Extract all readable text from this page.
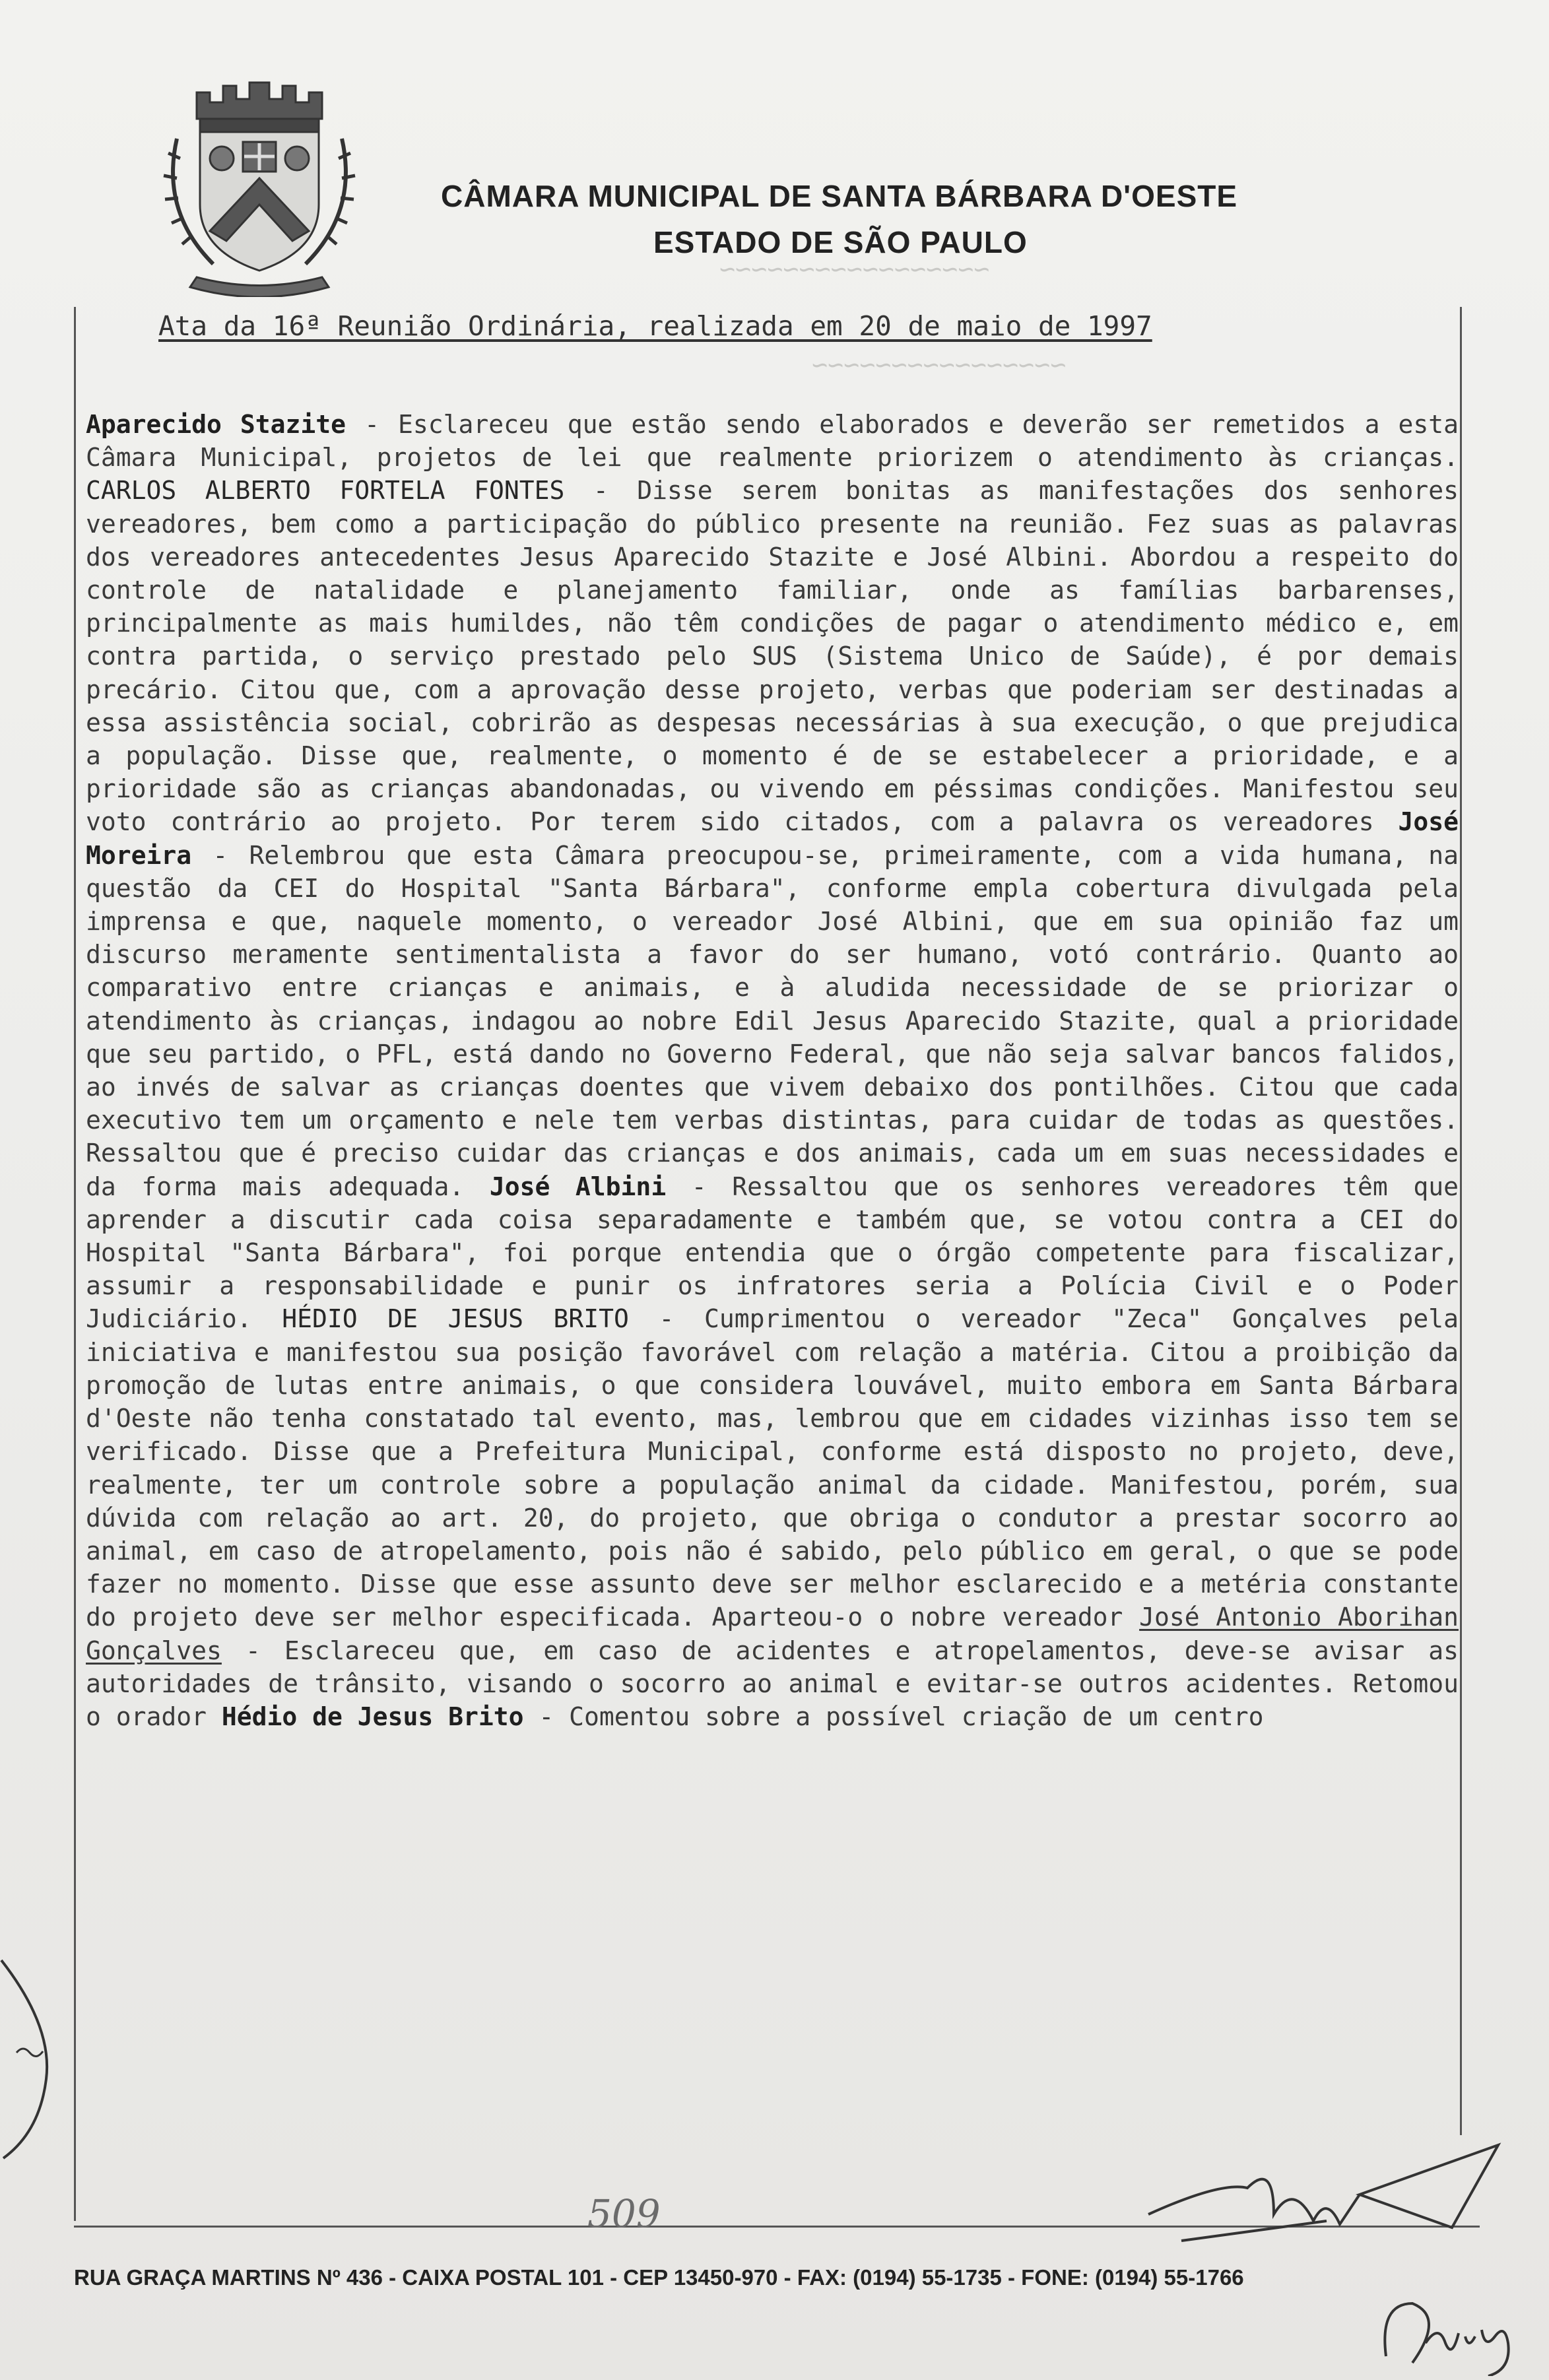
CÂMARA MUNICIPAL DE SANTA BÁRBARA D'OESTE
ESTADO DE SÃO PAULO
~~~~~~~~~~~~~~~~~
~~~~~~~~~~~~~~~~
Ata da 16ª Reunião Ordinária, realizada em 20 de maio de 1997
Aparecido Stazite - Esclareceu que estão sendo elaborados e deverão ser remetidos a esta Câmara Municipal, projetos de lei que realmente priorizem o atendimento às crianças. CARLOS ALBERTO FORTELA FONTES - Disse serem bonitas as manifestações dos senhores vereadores, bem como a participação do público presente na reunião. Fez suas as palavras dos vereadores antecedentes Jesus Aparecido Stazite e José Albini. Abordou a respeito do controle de natalidade e planejamento familiar, onde as famílias barbarenses, principalmente as mais humildes, não têm condições de pagar o atendimento médico e, em contra partida, o serviço prestado pelo SUS (Sistema Unico de Saúde), é por demais precário. Citou que, com a aprovação desse projeto, verbas que poderiam ser destinadas a essa assistência social, cobrirão as despesas necessárias à sua execução, o que prejudica a população. Disse que, realmente, o momento é de se estabelecer a prioridade, e a prioridade são as crianças abandonadas, ou vivendo em péssimas condições. Manifestou seu voto contrário ao projeto. Por terem sido citados, com a palavra os vereadores José Moreira - Relembrou que esta Câmara preocupou-se, primeiramente, com a vida humana, na questão da CEI do Hospital "Santa Bárbara", conforme empla cobertura divulgada pela imprensa e que, naquele momento, o vereador José Albini, que em sua opinião faz um discurso meramente sentimentalista a favor do ser humano, votó contrário. Quanto ao comparativo entre crianças e animais, e à aludida necessidade de se priorizar o atendimento às crianças, indagou ao nobre Edil Jesus Aparecido Stazite, qual a prioridade que seu partido, o PFL, está dando no Governo Federal, que não seja salvar bancos falidos, ao invés de salvar as crianças doentes que vivem debaixo dos pontilhões. Citou que cada executivo tem um orçamento e nele tem verbas distintas, para cuidar de todas as questões. Ressaltou que é preciso cuidar das crianças e dos animais, cada um em suas necessidades e da forma mais adequada. José Albini - Ressaltou que os senhores vereadores têm que aprender a discutir cada coisa separadamente e também que, se votou contra a CEI do Hospital "Santa Bárbara", foi porque entendia que o órgão competente para fiscalizar, assumir a responsabilidade e punir os infratores seria a Polícia Civil e o Poder Judiciário. HÉDIO DE JESUS BRITO - Cumprimentou o vereador "Zeca" Gonçalves pela iniciativa e manifestou sua posição favorável com relação a matéria. Citou a proibição da promoção de lutas entre animais, o que considera louvável, muito embora em Santa Bárbara d'Oeste não tenha constatado tal evento, mas, lembrou que em cidades vizinhas isso tem se verificado. Disse que a Prefeitura Municipal, conforme está disposto no projeto, deve, realmente, ter um controle sobre a população animal da cidade. Manifestou, porém, sua dúvida com relação ao art. 20, do projeto, que obriga o condutor a prestar socorro ao animal, em caso de atropelamento, pois não é sabido, pelo público em geral, o que se pode fazer no momento. Disse que esse assunto deve ser melhor esclarecido e a metéria constante do projeto deve ser melhor especificada. Aparteou-o o nobre vereador José Antonio Aborihan Gonçalves - Esclareceu que, em caso de acidentes e atropelamentos, deve-se avisar as autoridades de trânsito, visando o socorro ao animal e evitar-se outros acidentes. Retomou o orador Hédio de Jesus Brito - Comentou sobre a possível criação de um centro
509
RUA GRAÇA MARTINS Nº 436 - CAIXA POSTAL 101 - CEP 13450-970 - FAX: (0194) 55-1735 - FONE: (0194) 55-1766
